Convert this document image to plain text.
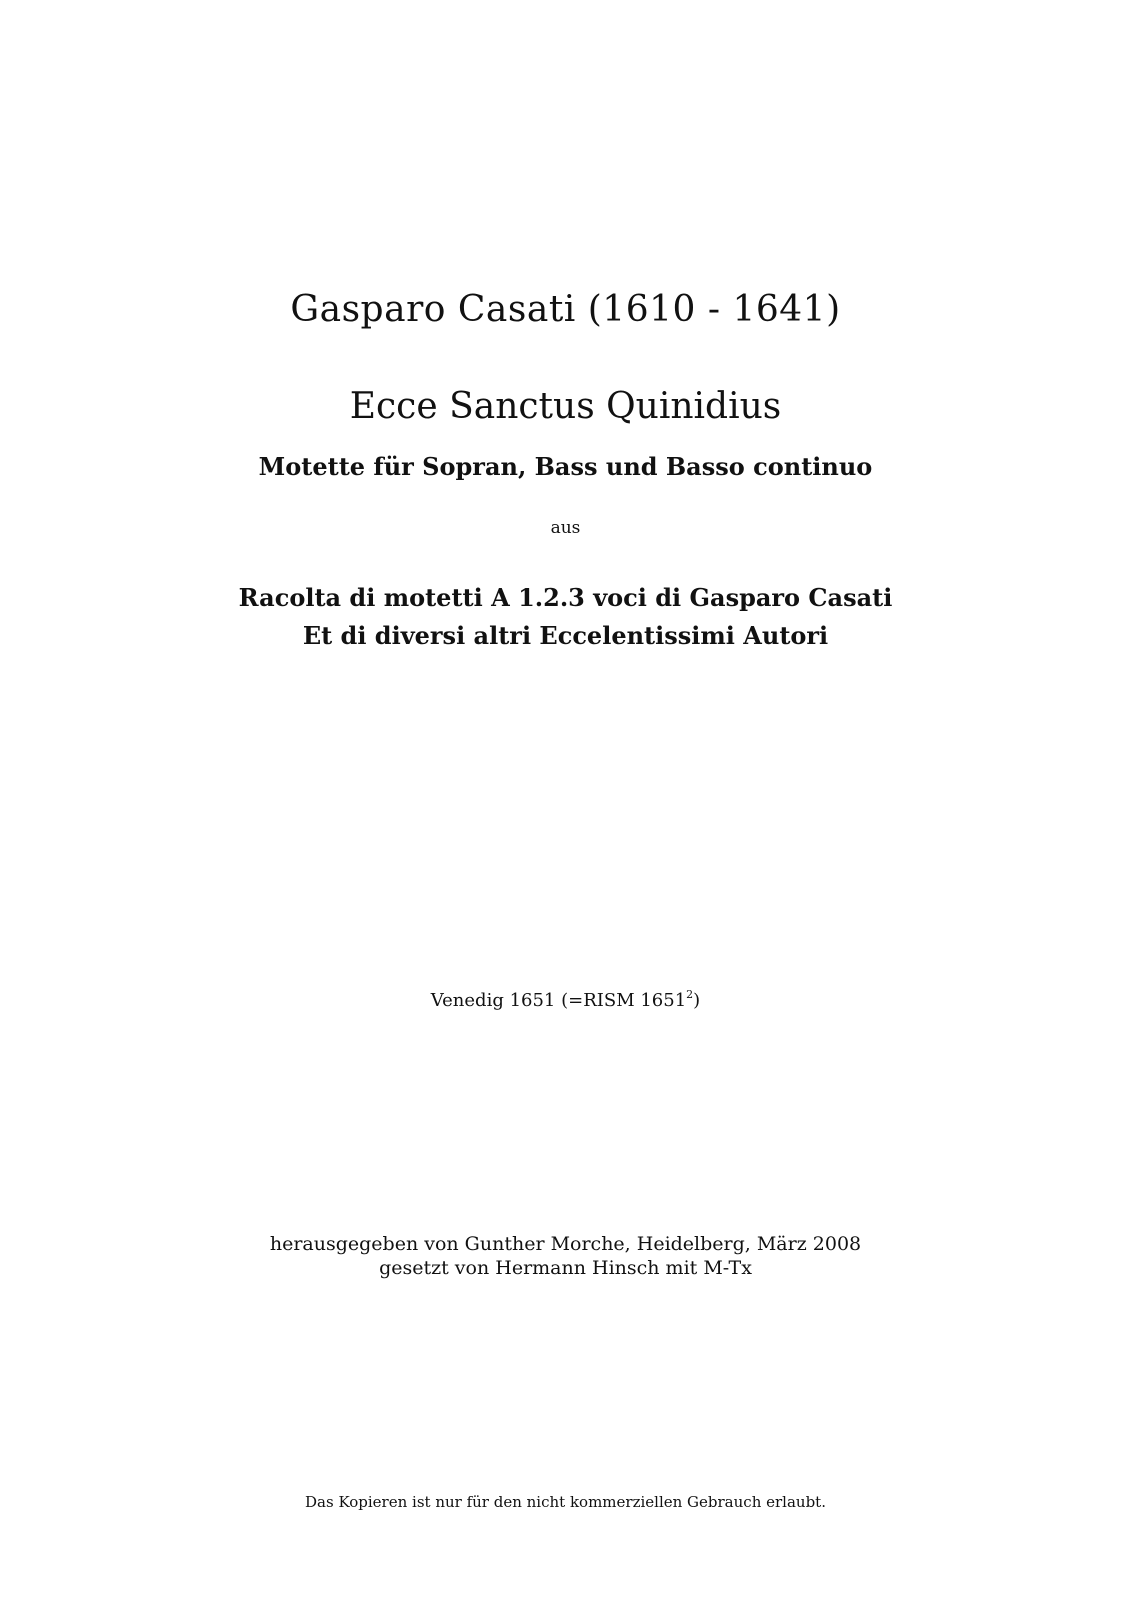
Gasparo Casati (1610 - 1641)
Ecce Sanctus Quinidius
Motette für Sopran, Bass und Basso continuo
aus
Racolta di motetti A 1.2.3 voci di Gasparo Casati
Et di diversi altri Eccelentissimi Autori
Venedig 1651 (=RISM 1651$^2$)
herausgegeben von Gunther Morche, Heidelberg, März 2008
gesetzt von Hermann Hinsch mit M-Tx
Das Kopieren ist nur für den nicht kommerziellen Gebrauch erlaubt.
